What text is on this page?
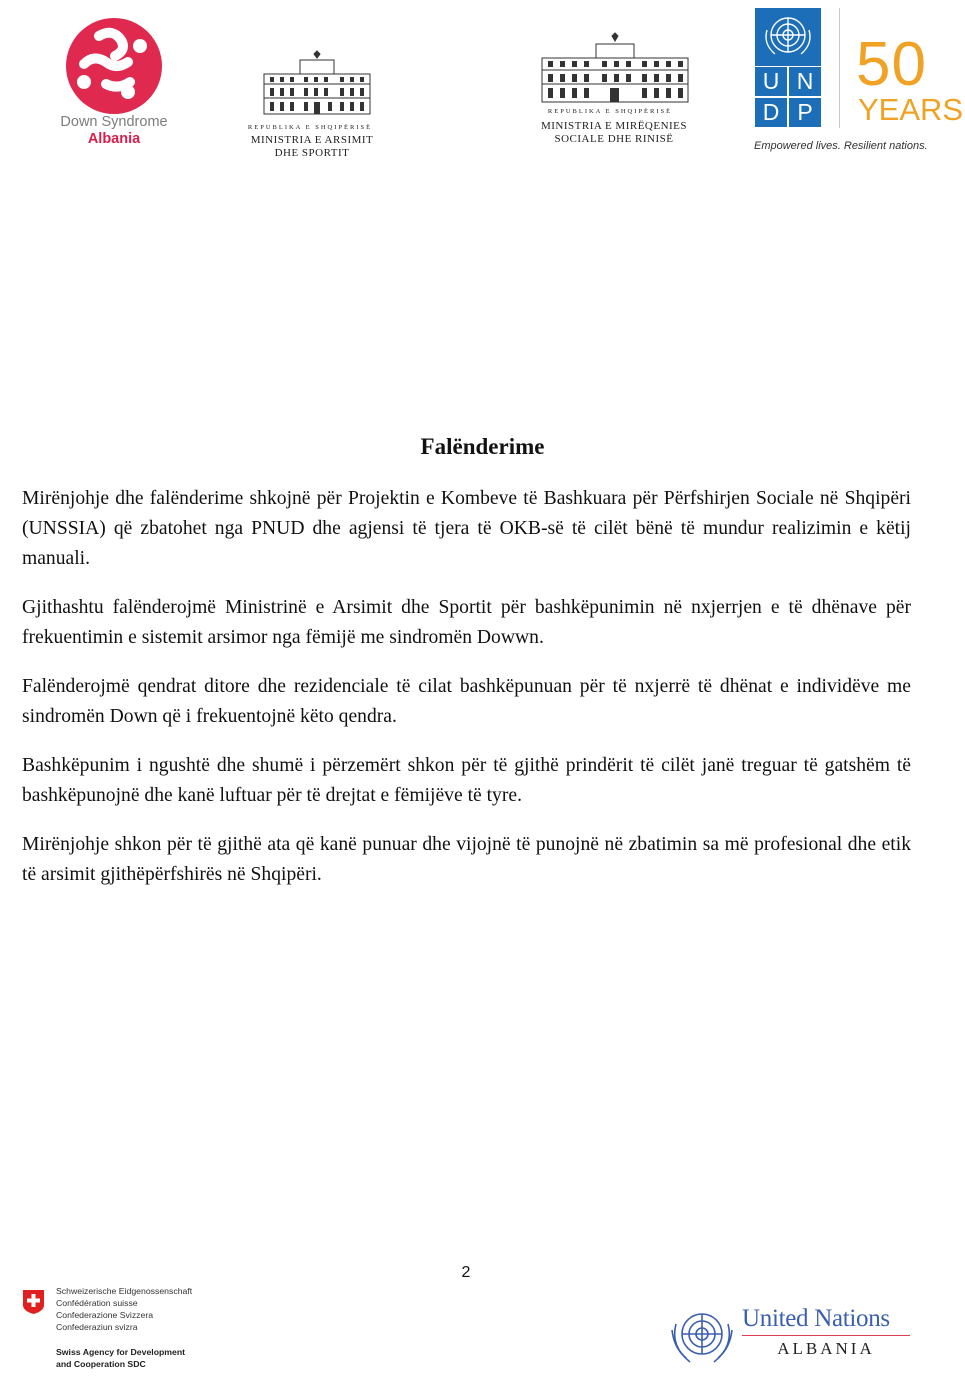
Down Syndrome
Albania
REPUBLIKA E SHQIPËRISË
MINISTRIA E ARSIMIT
DHE SPORTIT
REPUBLIKA E SHQIPËRISË
MINISTRIA E MIRËQENIES
SOCIALE DHE RINISË
U N
D P
50
YEARS
Empowered lives. Resilient nations.
Falënderime

Mirënjohje dhe falënderime shkojnë për Projektin e Kombeve të Bashkuara për Përfshirjen Sociale në Shqipëri (UNSSIA) që zbatohet nga PNUD dhe agjensi të tjera të OKB-së të cilët bënë të mundur realizimin e këtij manuali.

Gjithashtu falënderojmë Ministrinë e Arsimit dhe Sportit për bashkëpunimin në nxjerrjen e të dhënave për frekuentimin e sistemit arsimor nga fëmijë me sindromën Dowwn.

Falënderojmë qendrat ditore dhe rezidenciale të cilat bashkëpunuan për të nxjerrë të dhënat e individëve me sindromën Down që i frekuentojnë këto qendra.

Bashkëpunim i ngushtë dhe shumë i përzemërt shkon për të gjithë prindërit të cilët janë treguar të gatshëm të bashkëpunojnë dhe kanë luftuar për të drejtat e fëmijëve të tyre.

Mirënjohje shkon për të gjithë ata që kanë punuar dhe vijojnë të punojnë në zbatimin sa më profesional dhe etik të arsimit gjithëpërfshirës në Shqipëri.

2
Schweizerische Eidgenossenschaft
Confédération suisse
Confederazione Svizzera
Confederaziun svizra
Swiss Agency for Development
and Cooperation SDC
United Nations
ALBANIA
